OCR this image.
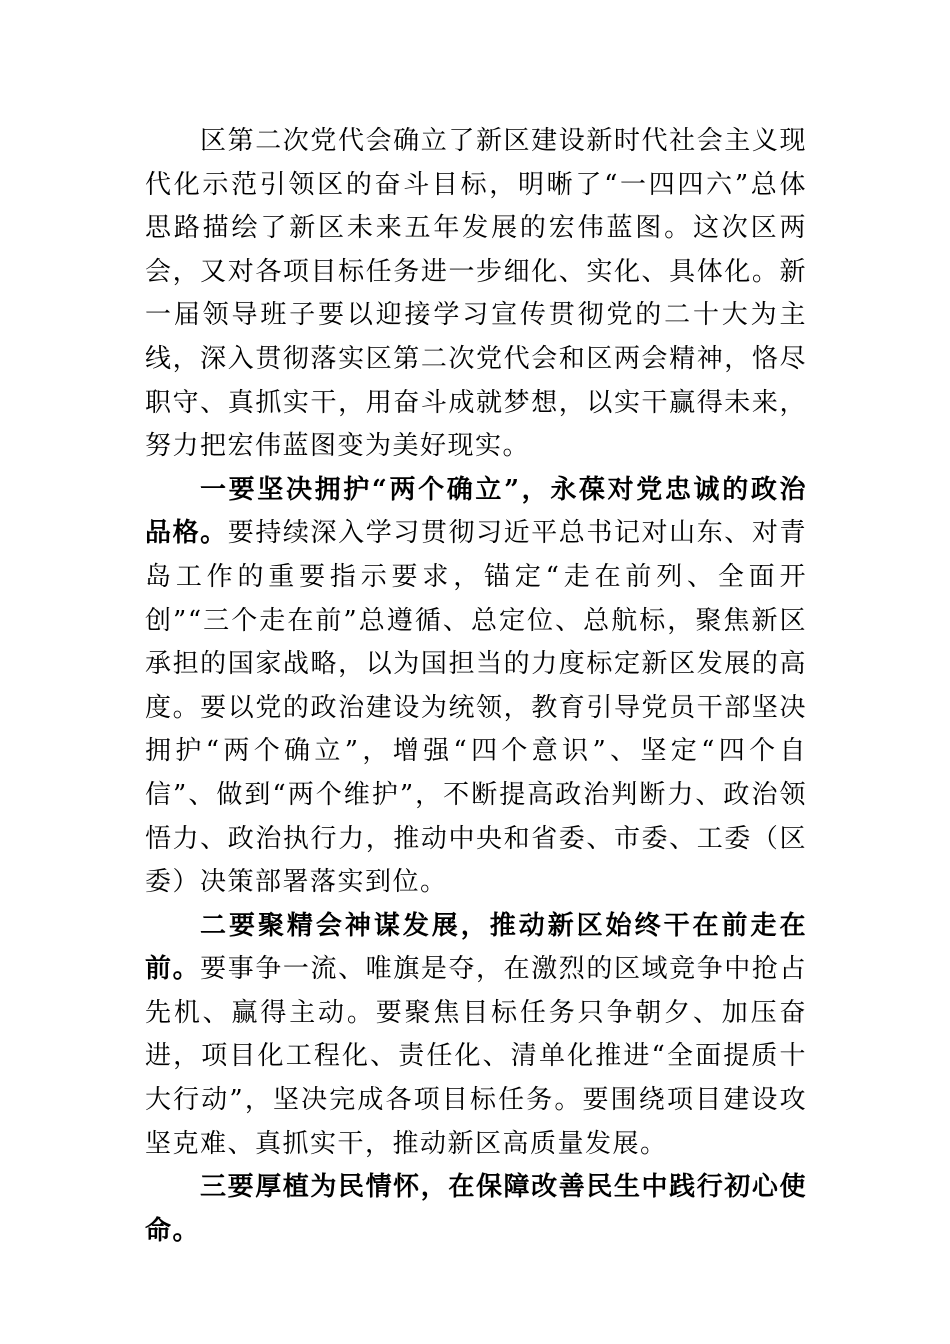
区第二次党代会确立了新区建设新时代社会主义现代化示范引领区的奋斗目标，明晰了“一四四六”总体思路描绘了新区未来五年发展的宏伟蓝图。这次区两会，又对各项目标任务进一步细化、实化、具体化。新一届领导班子要以迎接学习宣传贯彻党的二十大为主线，深入贯彻落实区第二次党代会和区两会精神，恪尽职守、真抓实干，用奋斗成就梦想，以实干赢得未来，努力把宏伟蓝图变为美好现实。

一要坚决拥护“两个确立”，永葆对党忠诚的政治品格。要持续深入学习贯彻习近平总书记对山东、对青岛工作的重要指示要求，锚定“走在前列、全面开创”“三个走在前”总遵循、总定位、总航标，聚焦新区承担的国家战略，以为国担当的力度标定新区发展的高度。要以党的政治建设为统领，教育引导党员干部坚决拥护“两个确立”，增强“四个意识”、坚定“四个自信”、做到“两个维护”，不断提高政治判断力、政治领悟力、政治执行力，推动中央和省委、市委、工委（区委）决策部署落实到位。

二要聚精会神谋发展，推动新区始终干在前走在前。要事争一流、唯旗是夺，在激烈的区域竞争中抢占先机、赢得主动。要聚焦目标任务只争朝夕、加压奋进，项目化工程化、责任化、清单化推进“全面提质十大行动”，坚决完成各项目标任务。要围绕项目建设攻坚克难、真抓实干，推动新区高质量发展。

三要厚植为民情怀，在保障改善民生中践行初心使命。
